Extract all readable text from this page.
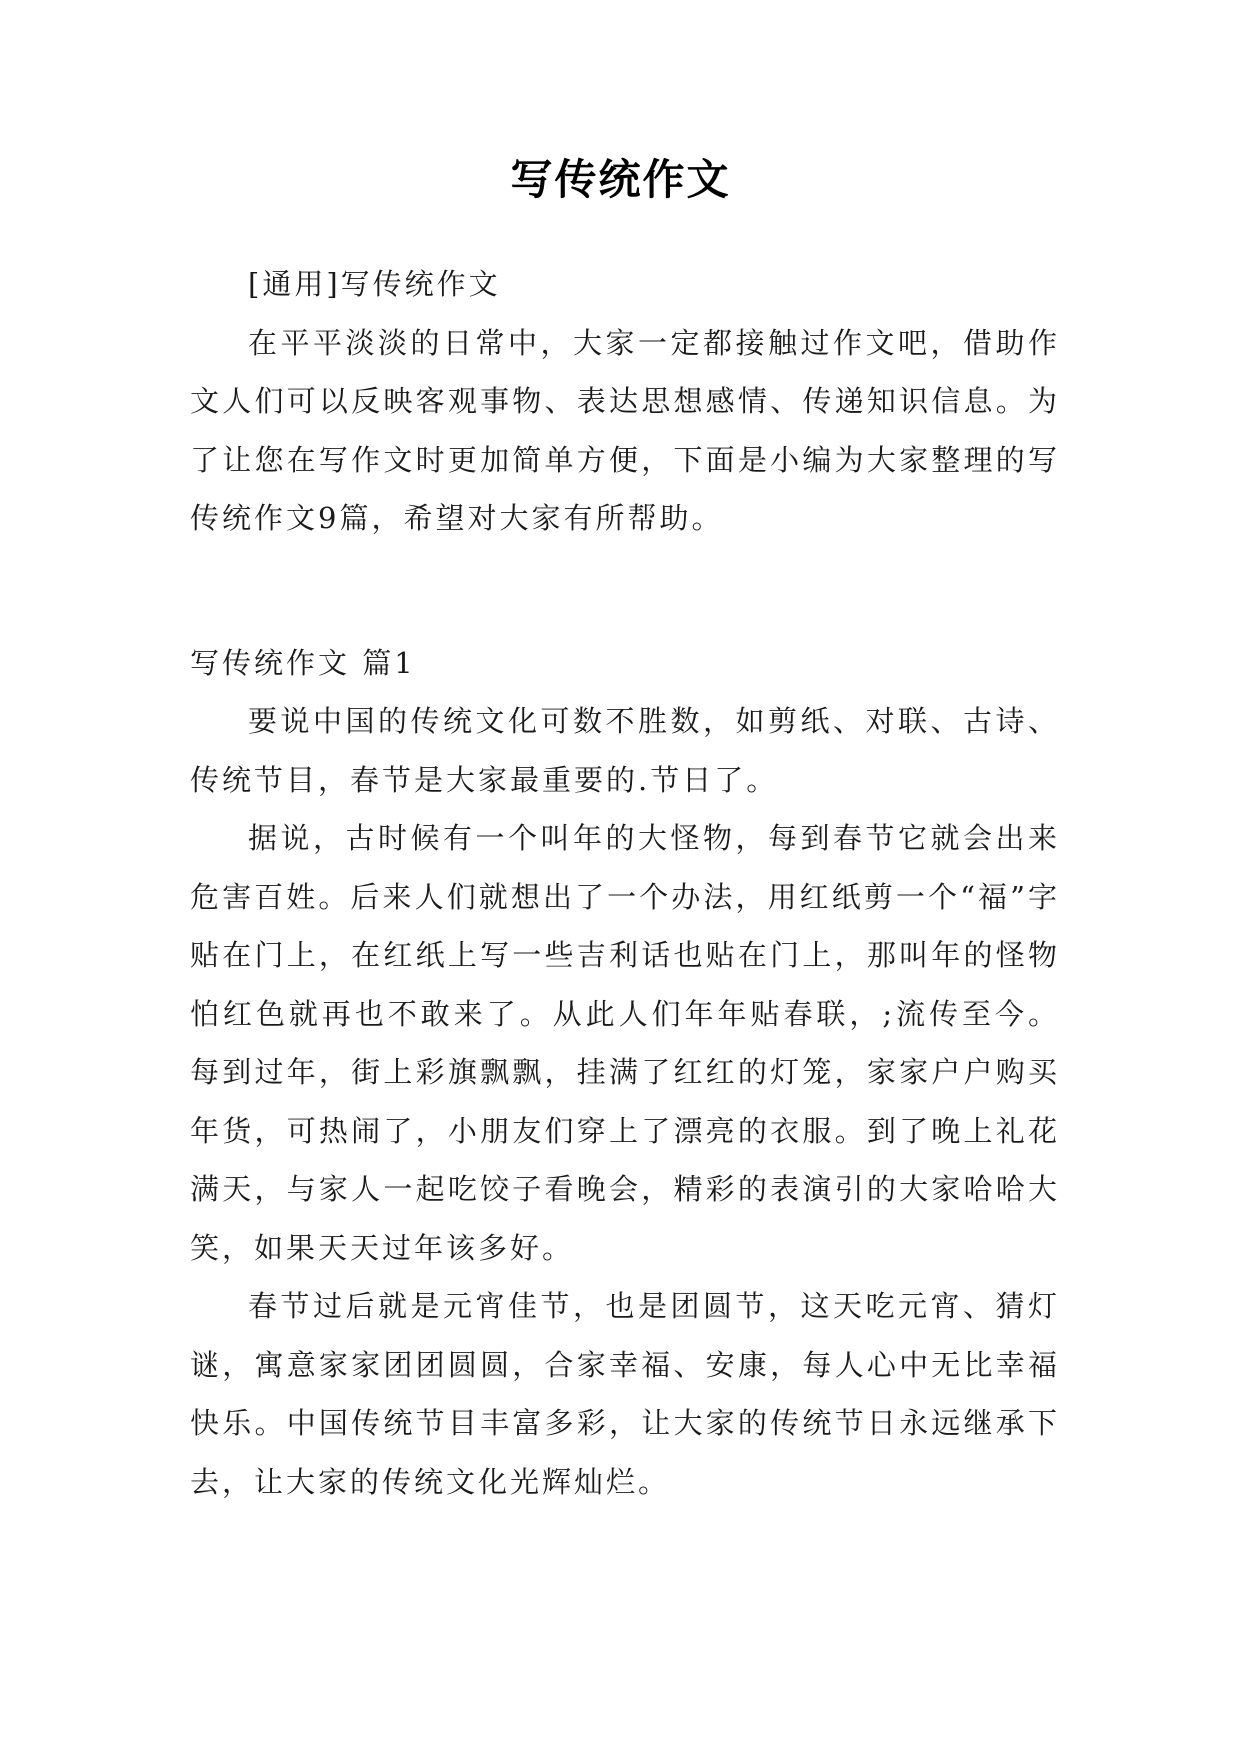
写传统作文

[通用]写传统作文

在平平淡淡的日常中，大家一定都接触过作文吧，借助作文人们可以反映客观事物、表达思想感情、传递知识信息。为了让您在写作文时更加简单方便，下面是小编为大家整理的写传统作文9篇，希望对大家有所帮助。

写传统作文 篇1

要说中国的传统文化可数不胜数，如剪纸、对联、古诗、传统节目，春节是大家最重要的.节日了。

据说，古时候有一个叫年的大怪物，每到春节它就会出来危害百姓。后来人们就想出了一个办法，用红纸剪一个“福”字贴在门上，在红纸上写一些吉利话也贴在门上，那叫年的怪物怕红色就再也不敢来了。从此人们年年贴春联，;流传至今。每到过年，街上彩旗飘飘，挂满了红红的灯笼，家家户户购买年货，可热闹了，小朋友们穿上了漂亮的衣服。到了晚上礼花满天，与家人一起吃饺子看晚会，精彩的表演引的大家哈哈大笑，如果天天过年该多好。

春节过后就是元宵佳节，也是团圆节，这天吃元宵、猜灯谜，寓意家家团团圆圆，合家幸福、安康，每人心中无比幸福快乐。中国传统节目丰富多彩，让大家的传统节日永远继承下去，让大家的传统文化光辉灿烂。
